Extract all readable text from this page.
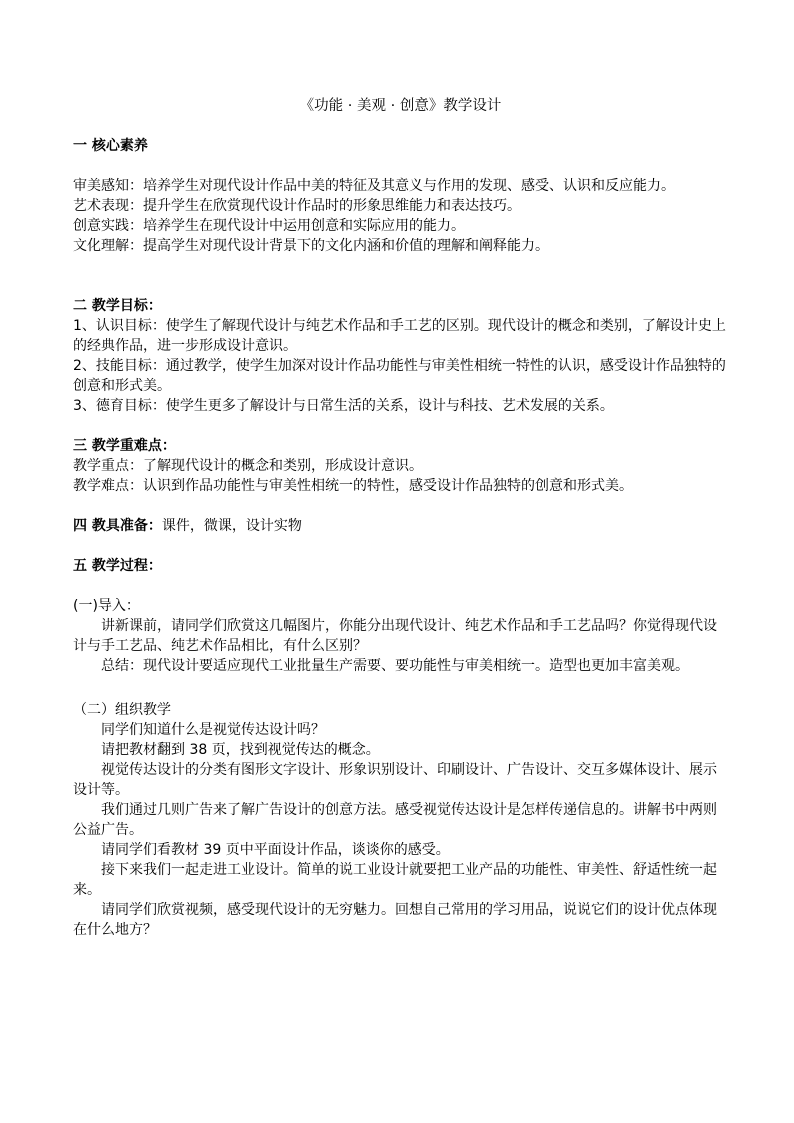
《功能 · 美观 · 创意》教学设计
一 核心素养
审美感知：培养学生对现代设计作品中美的特征及其意义与作用的发现、感受、认识和反应能力。
艺术表现：提升学生在欣赏现代设计作品时的形象思维能力和表达技巧。
创意实践：培养学生在现代设计中运用创意和实际应用的能力。
文化理解：提高学生对现代设计背景下的文化内涵和价值的理解和阐释能力。
二 教学目标：
1、认识目标：使学生了解现代设计与纯艺术作品和手工艺的区别。现代设计的概念和类别，了解设计史上的经典作品，进一步形成设计意识。
2、技能目标：通过教学，使学生加深对设计作品功能性与审美性相统一特性的认识，感受设计作品独特的创意和形式美。
3、德育目标：使学生更多了解设计与日常生活的关系，设计与科技、艺术发展的关系。
三 教学重难点：
教学重点：了解现代设计的概念和类别，形成设计意识。
教学难点：认识到作品功能性与审美性相统一的特性，感受设计作品独特的创意和形式美。
四 教具准备：课件，微课，设计实物
五 教学过程：
(一)导入：
讲新课前，请同学们欣赏这几幅图片，你能分出现代设计、纯艺术作品和手工艺品吗？你觉得现代设计与手工艺品、纯艺术作品相比，有什么区别？
总结：现代设计要适应现代工业批量生产需要、要功能性与审美相统一。造型也更加丰富美观。
（二）组织教学
同学们知道什么是视觉传达设计吗？
请把教材翻到 38 页，找到视觉传达的概念。
视觉传达设计的分类有图形文字设计、形象识别设计、印刷设计、广告设计、交互多媒体设计、展示设计等。
我们通过几则广告来了解广告设计的创意方法。感受视觉传达设计是怎样传递信息的。讲解书中两则公益广告。
请同学们看教材 39 页中平面设计作品，谈谈你的感受。
接下来我们一起走进工业设计。简单的说工业设计就要把工业产品的功能性、审美性、舒适性统一起来。
请同学们欣赏视频，感受现代设计的无穷魅力。回想自己常用的学习用品，说说它们的设计优点体现在什么地方？
